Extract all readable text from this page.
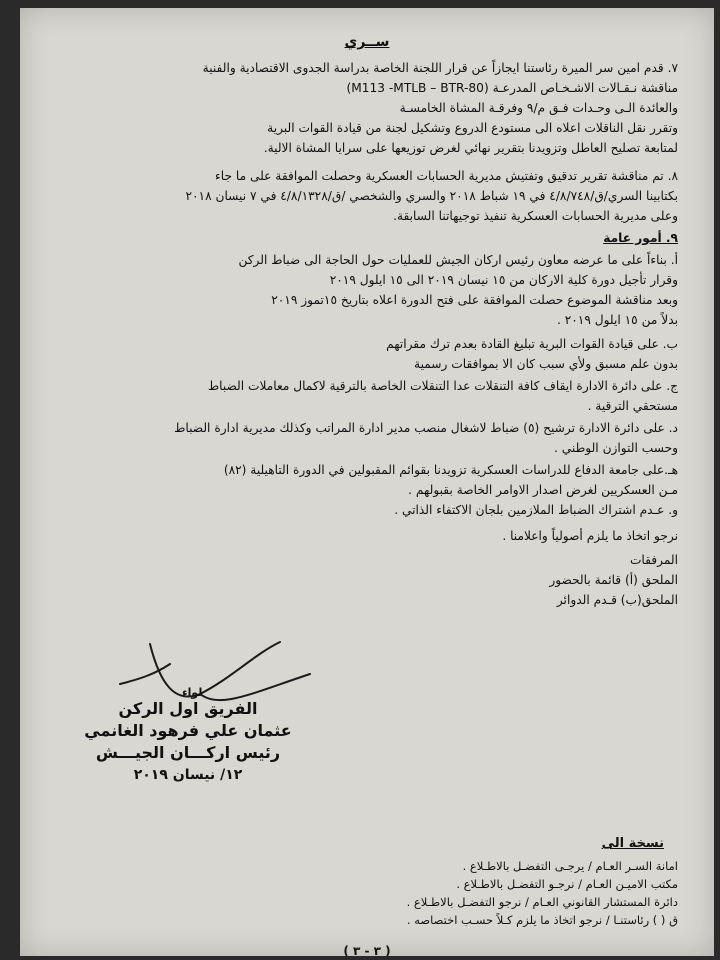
ســري
٧. قدم امين سر الميرة رئاستنا ايجازاً عن قرار اللجنة الخاصة بدراسة الجدوى الاقتصادية والفنية
مناقشة نـقـالات الاشـخـاص المدرعـة (M113 -MTLB – BTR-80)
والعائدة الـى وحـدات فـق م/٩ وفرقـة المشاة الخامسـة
وتقرر نقل الناقلات اعلاه الى مستودع الدروع وتشكيل لجنة من قيادة القوات البرية
لمتابعة تصليح العاطل وتزويدنا بتقرير نهائي لغرض توزيعها على سرايا المشاة الالية.
٨. تم مناقشة تقرير تدقيق وتفتيش مديرية الحسابات العسكرية وحصلت الموافقة على ما جاء
بكتابينا السري/ق/٤/٨/٧٤٨ في ١٩ شباط ٢٠١٨ والسري والشخصي /ق/٤/٨/١٣٢٨ في ٧ نيسان ٢٠١٨
وعلى مديرية الحسابات العسكرية تنفيذ توجيهاتنا السابقة.
٩. أمور عامة
أ. بناءاً على ما عرضه معاون رئيس اركان الجيش للعمليات حول الحاجة الى ضباط الركن
وقرار تأجيل دورة كلية الاركان من ١٥ نيسان ٢٠١٩ الى ١٥ ايلول ٢٠١٩
وبعد مناقشة الموضوع حصلت الموافقة على فتح الدورة اعلاه بتاريخ ١٥تموز ٢٠١٩
بدلاً من ١٥ ايلول ٢٠١٩ .
ب. على قيادة القوات البرية تبليغ القادة بعدم ترك مقراتهم
بدون علم مسبق ولأي سبب كان الا بموافقات رسمية
ج. على دائرة الادارة ايقاف كافة التنقلات عدا التنقلات الخاصة بالترقية لاكمال معاملات الضباط
مستحقي الترقية .
د. على دائرة الادارة ترشيح (٥) ضباط لاشغال منصب مدير ادارة المراتب وكذلك مديرية ادارة الضباط
وحسب التوازن الوطني .
هـ.على جامعة الدفاع للدراسات العسكرية تزويدنا بقوائم المقبولين في الدورة التاهيلية (٨٢)
مـن العسكريين لغرض اصدار الاوامر الخاصة بقبولهم .
و. عـدم اشتراك الضباط الملازمين بلجان الاكتفاء الذاتي .
نرجو اتخاذ ما يلزم أصولياً واعلامنا .
المرفقات
الملحق (أ) قائمة بالحضور
الملحق(ب) قـدم الدوائر
لواء
الفريق اول الركن
عثمان علي فرهود الغانمي
رئيس اركـــان الجيـــش
١٢/ نيسان ٢٠١٩
نسخة الى
امانة السـر العـام / يرجـى التفضـل بالاطـلاع .
مكتب الاميـن العـام / نرجـو التفضـل بالاطـلاع .
دائرة المستشار القانوني العـام / نرجو التفضـل بالاطـلاع .
ق ( ) رئاستنـا / نرجو اتخاذ ما يلزم كـلاً حسـب اختصاصه .
( ٣ - ٣ )
